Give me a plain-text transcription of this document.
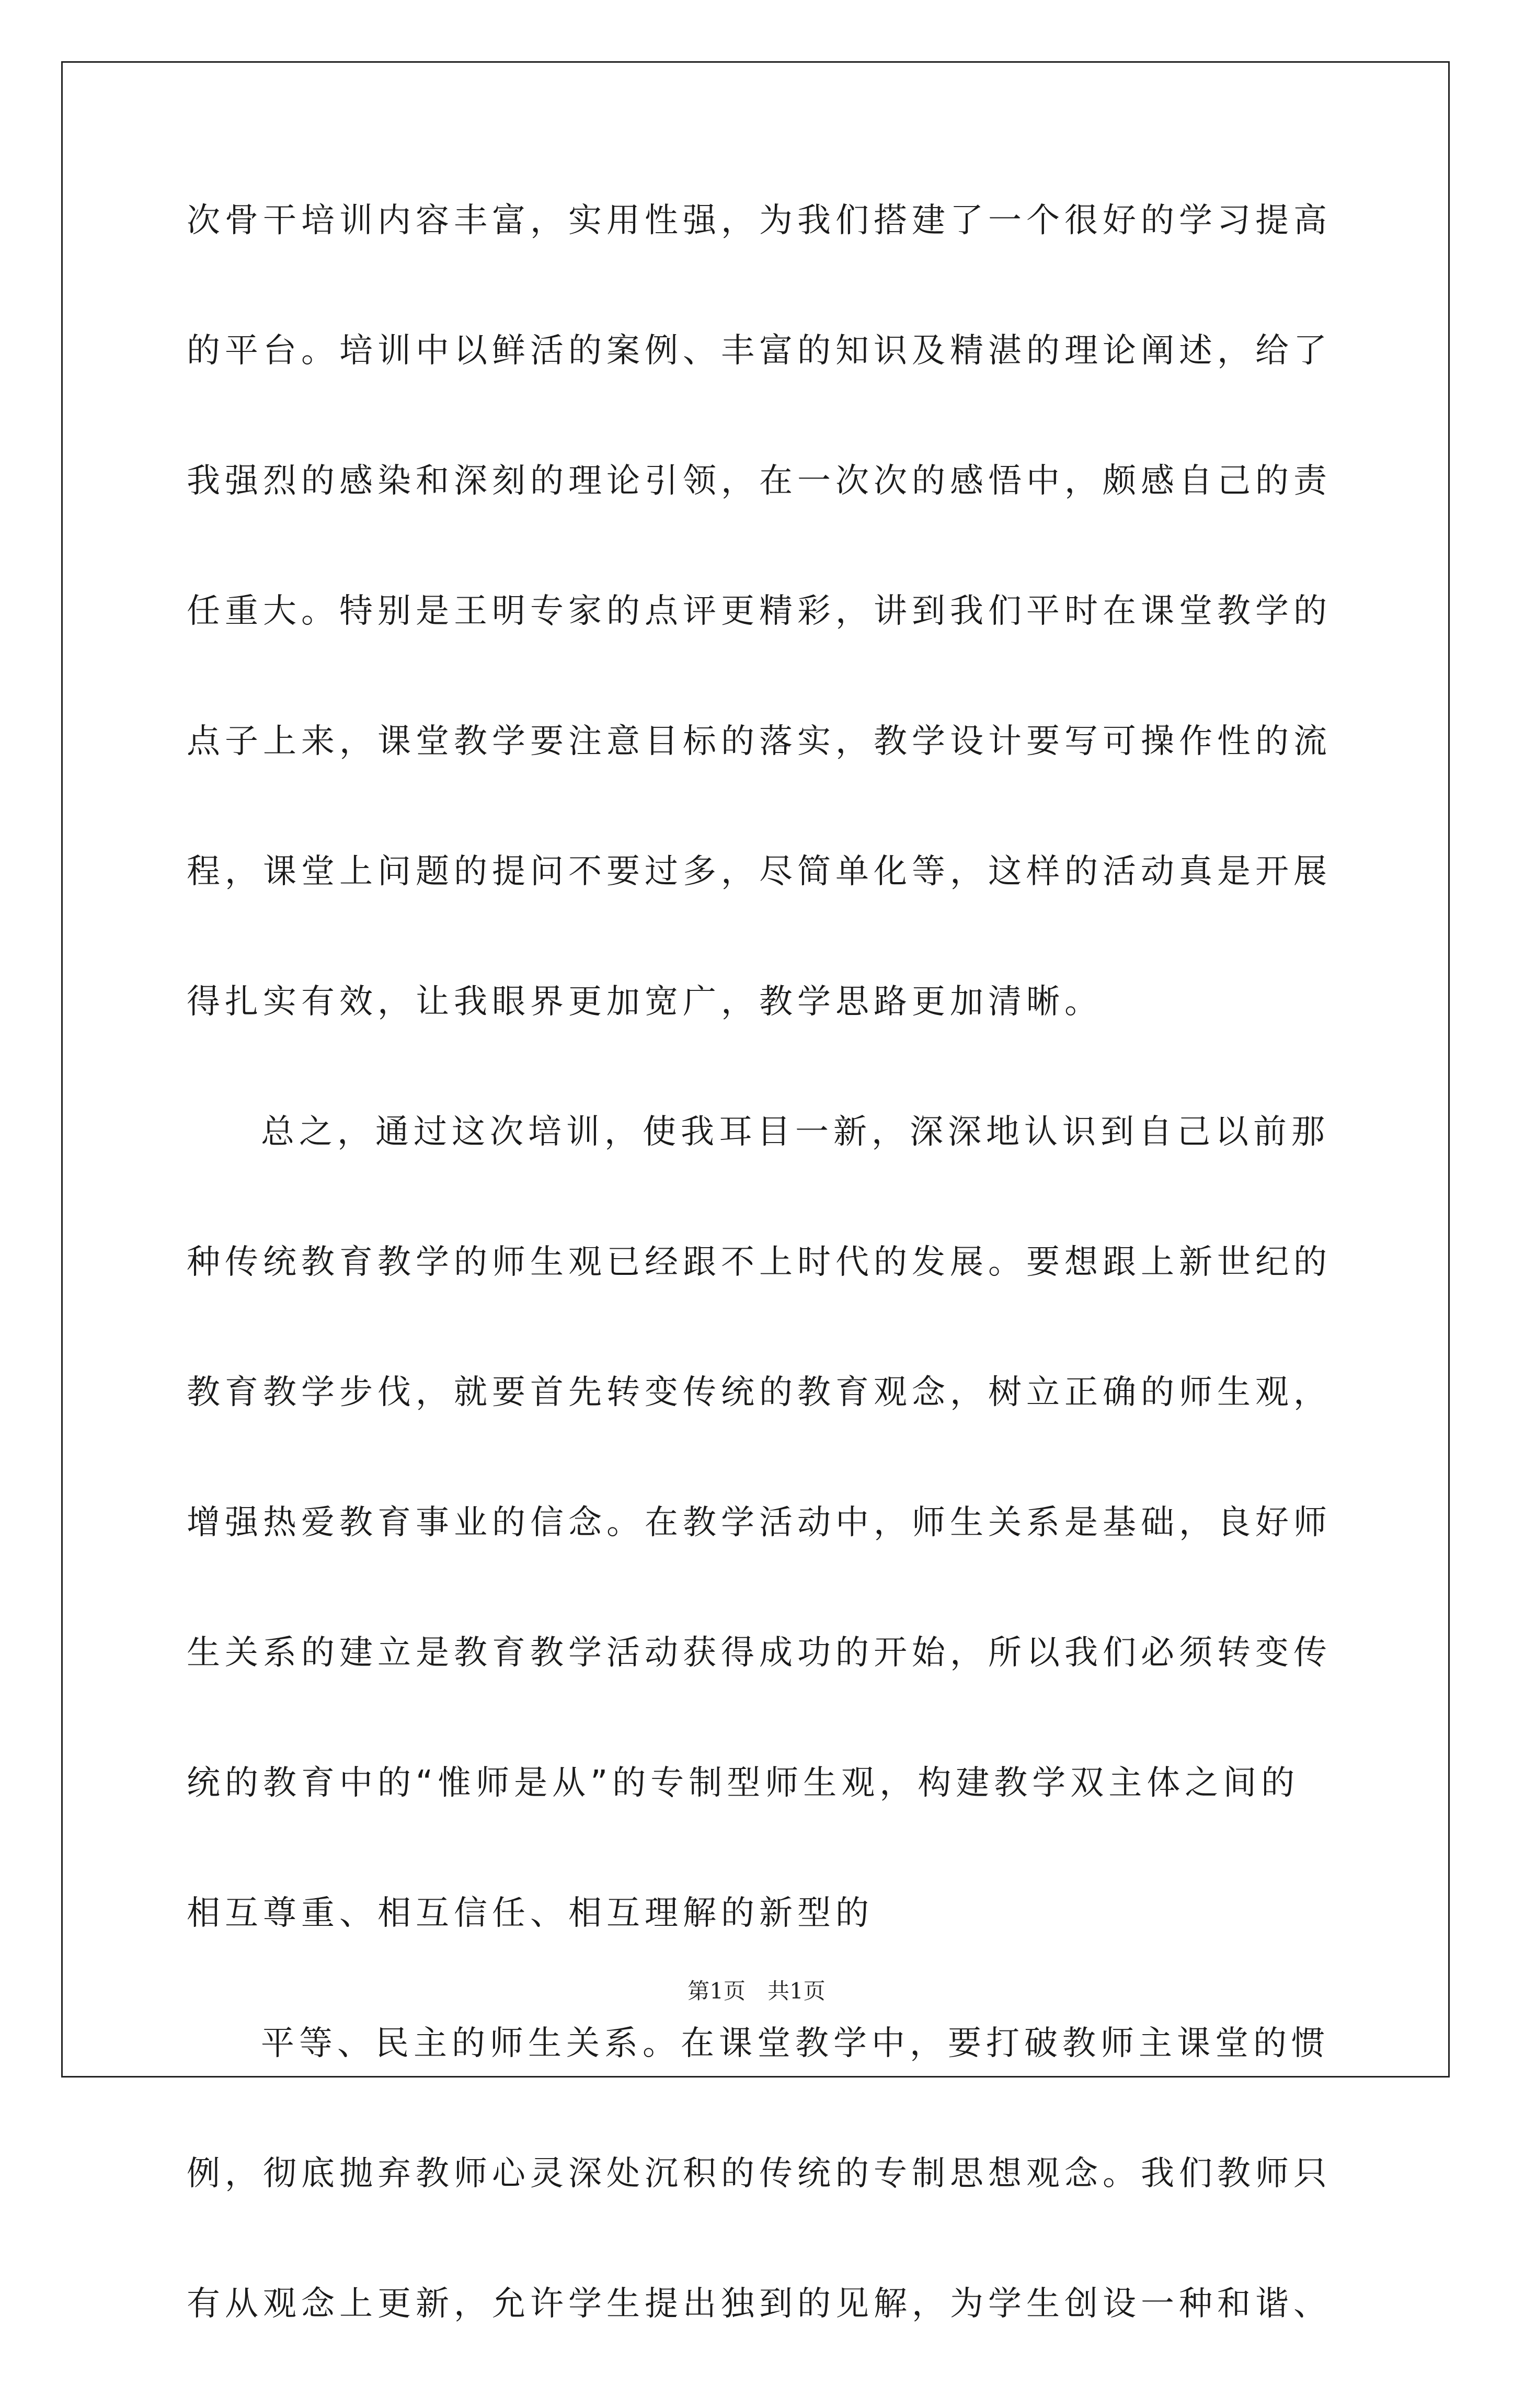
次骨干培训内容丰富，实用性强，为我们搭建了一个很好的学习提高
的平台。培训中以鲜活的案例、丰富的知识及精湛的理论阐述，给了
我强烈的感染和深刻的理论引领，在一次次的感悟中，颇感自己的责
任重大。特别是王明专家的点评更精彩，讲到我们平时在课堂教学的
点子上来，课堂教学要注意目标的落实，教学设计要写可操作性的流
程，课堂上问题的提问不要过多，尽简单化等，这样的活动真是开展
得扎实有效，让我眼界更加宽广，教学思路更加清晰。
总之，通过这次培训，使我耳目一新，深深地认识到自己以前那
种传统教育教学的师生观已经跟不上时代的发展。要想跟上新世纪的
教育教学步伐，就要首先转变传统的教育观念，树立正确的师生观，
增强热爱教育事业的信念。在教学活动中，师生关系是基础，良好师
生关系的建立是教育教学活动获得成功的开始，所以我们必须转变传
统的教育中的“惟师是从”的专制型师生观，构建教学双主体之间的
相互尊重、相互信任、相互理解的新型的
平等、民主的师生关系。在课堂教学中，要打破教师主课堂的惯
例，彻底抛弃教师心灵深处沉积的传统的专制思想观念。我们教师只
有从观念上更新，允许学生提出独到的见解，为学生创设一种和谐、
第1页　共1页
